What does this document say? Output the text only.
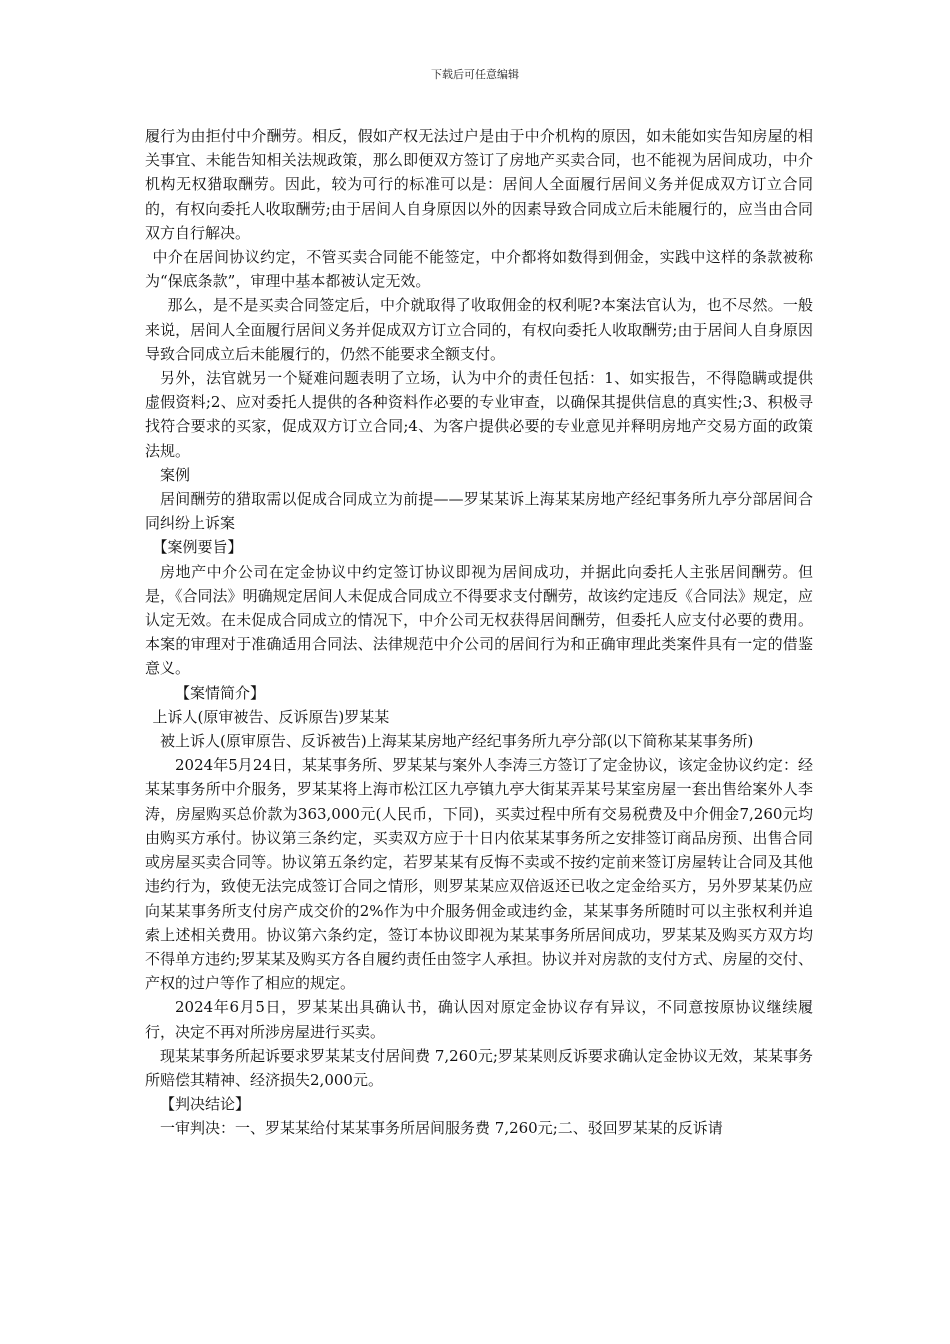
下载后可任意编辑

履行为由拒付中介酬劳。相反，假如产权无法过户是由于中介机构的原因，如未能如实告知房屋的相关事宜、未能告知相关法规政策，那么即便双方签订了房地产买卖合同，也不能视为居间成功，中介机构无权猎取酬劳。因此，较为可行的标准可以是：居间人全面履行居间义务并促成双方订立合同的，有权向委托人收取酬劳;由于居间人自身原因以外的因素导致合同成立后未能履行的，应当由合同双方自行解决。

中介在居间协议约定，不管买卖合同能不能签定，中介都将如数得到佣金，实践中这样的条款被称为“保底条款”，审理中基本都被认定无效。

那么，是不是买卖合同签定后，中介就取得了收取佣金的权利呢?本案法官认为，也不尽然。一般来说，居间人全面履行居间义务并促成双方订立合同的，有权向委托人收取酬劳;由于居间人自身原因导致合同成立后未能履行的，仍然不能要求全额支付。

另外，法官就另一个疑难问题表明了立场，认为中介的责任包括：1、如实报告，不得隐瞒或提供虚假资料;2、应对委托人提供的各种资料作必要的专业审查，以确保其提供信息的真实性;3、积极寻找符合要求的买家，促成双方订立合同;4、为客户提供必要的专业意见并释明房地产交易方面的政策法规。

案例

居间酬劳的猎取需以促成合同成立为前提——罗某某诉上海某某房地产经纪事务所九亭分部居间合同纠纷上诉案

【案例要旨】

房地产中介公司在定金协议中约定签订协议即视为居间成功，并据此向委托人主张居间酬劳。但是，《合同法》明确规定居间人未促成合同成立不得要求支付酬劳，故该约定违反《合同法》规定，应认定无效。在未促成合同成立的情况下，中介公司无权获得居间酬劳，但委托人应支付必要的费用。本案的审理对于准确适用合同法、法律规范中介公司的居间行为和正确审理此类案件具有一定的借鉴意义。

【案情简介】

上诉人(原审被告、反诉原告)罗某某

被上诉人(原审原告、反诉被告)上海某某房地产经纪事务所九亭分部(以下简称某某事务所)

2024年5月24日，某某事务所、罗某某与案外人李涛三方签订了定金协议，该定金协议约定：经某某事务所中介服务，罗某某将上海市松江区九亭镇九亭大街某弄某号某室房屋一套出售给案外人李涛，房屋购买总价款为363,000元(人民币，下同)，买卖过程中所有交易税费及中介佣金7,260元均由购买方承付。协议第三条约定，买卖双方应于十日内依某某事务所之安排签订商品房预、出售合同或房屋买卖合同等。协议第五条约定，若罗某某有反悔不卖或不按约定前来签订房屋转让合同及其他违约行为，致使无法完成签订合同之情形，则罗某某应双倍返还已收之定金给买方，另外罗某某仍应向某某事务所支付房产成交价的2%作为中介服务佣金或违约金，某某事务所随时可以主张权利并追索上述相关费用。协议第六条约定，签订本协议即视为某某事务所居间成功，罗某某及购买方双方均不得单方违约;罗某某及购买方各自履约责任由签字人承担。协议并对房款的支付方式、房屋的交付、产权的过户等作了相应的规定。

2024年6月5日，罗某某出具确认书，确认因对原定金协议存有异议，不同意按原协议继续履行，决定不再对所涉房屋进行买卖。

现某某事务所起诉要求罗某某支付居间费 7,260元;罗某某则反诉要求确认定金协议无效，某某事务所赔偿其精神、经济损失2,000元。

【判决结论】

一审判决：一、罗某某给付某某事务所居间服务费 7,260元;二、驳回罗某某的反诉请
